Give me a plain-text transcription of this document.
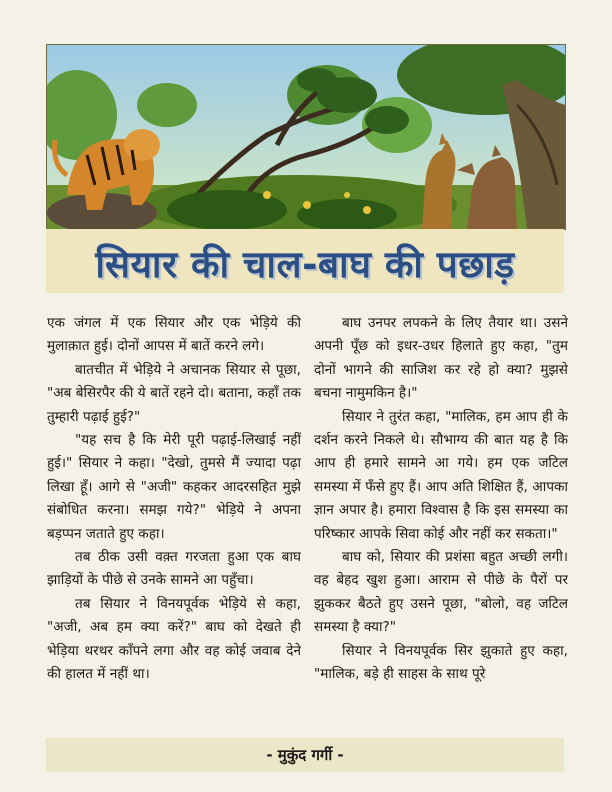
सियार की चाल-बाघ की पछाड़

एक जंगल में एक सियार और एक भेड़िये की मुलाक़ात हुई। दोनों आपस में बातें करने लगे।

बातचीत में भेड़िये ने अचानक सियार से पूछा, "अब बेसिरपैर की ये बातें रहने दो। बताना, कहाँ तक तुम्हारी पढ़ाई हुई?"

"यह सच है कि मेरी पूरी पढ़ाई-लिखाई नहीं हुई।" सियार ने कहा। "देखो, तुमसे मैं ज्यादा पढ़ा लिखा हूँ। आगे से "अजी" कहकर आदरसहित मुझे संबोधित करना। समझ गये?" भेड़िये ने अपना बड़प्पन जताते हुए कहा।

तब ठीक उसी वक़्त गरजता हुआ एक बाघ झाड़ियों के पीछे से उनके सामने आ पहुँचा।

तब सियार ने विनयपूर्वक भेड़िये से कहा, "अजी, अब हम क्या करें?" बाघ को देखते ही भेड़िया थरथर काँपने लगा और वह कोई जवाब देने की हालत में नहीं था।

बाघ उनपर लपकने के लिए तैयार था। उसने अपनी पूँछ को इधर-उधर हिलाते हुए कहा, "तुम दोनों भागने की साजिश कर रहे हो क्या? मुझसे बचना नामुमकिन है।"

सियार ने तुरंत कहा, "मालिक, हम आप ही के दर्शन करने निकले थे। सौभाग्य की बात यह है कि आप ही हमारे सामने आ गये। हम एक जटिल समस्या में फँसे हुए हैं। आप अति शिक्षित हैं, आपका ज्ञान अपार है। हमारा विश्वास है कि इस समस्या का परिष्कार आपके सिवा कोई और नहीं कर सकता।"

बाघ को, सियार की प्रशंसा बहुत अच्छी लगी। वह बेहद खुश हुआ। आराम से पीछे के पैरों पर झुककर बैठते हुए उसने पूछा, "बोलो, वह जटिल समस्या है क्या?"

सियार ने विनयपूर्वक सिर झुकाते हुए कहा, "मालिक, बड़े ही साहस के साथ पूरे

- मुकुंद गर्गी -
